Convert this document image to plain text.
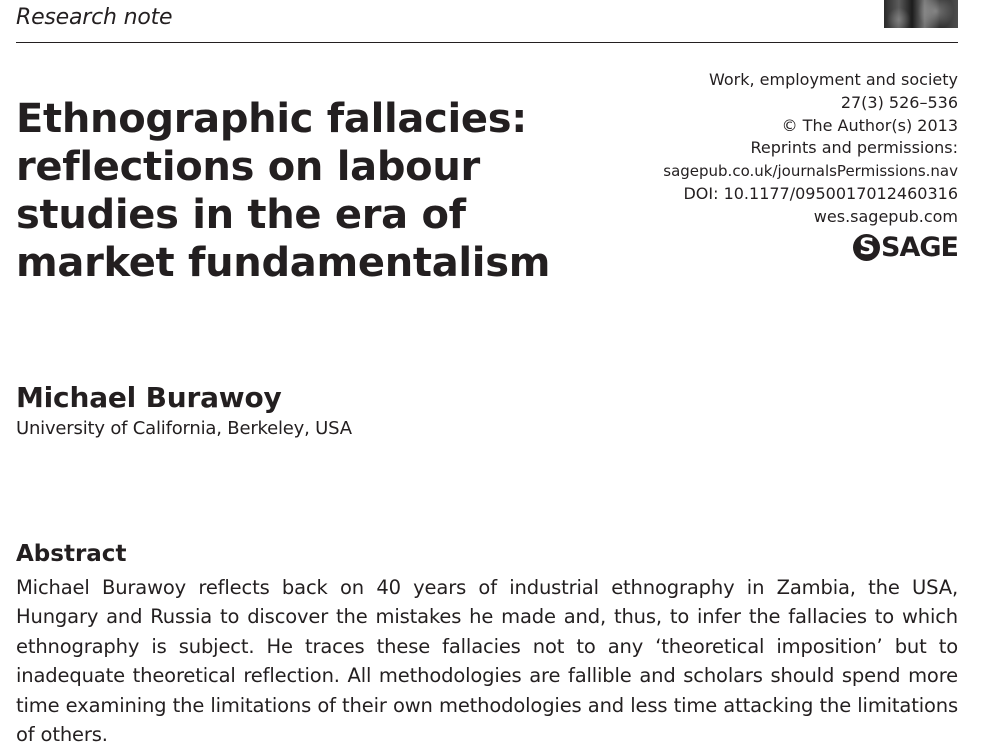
Research note
Ethnographic fallacies: reflections on labour studies in the era of market fundamentalism
Work, employment and society
27(3) 526–536
© The Author(s) 2013
Reprints and permissions:
sagepub.co.uk/journalsPermissions.nav
DOI: 10.1177/0950017012460316
wes.sagepub.com
S SAGE
Michael Burawoy
University of California, Berkeley, USA
Abstract

Michael Burawoy reflects back on 40 years of industrial ethnography in Zambia, the USA, Hungary and Russia to discover the mistakes he made and, thus, to infer the fallacies to which ethnography is subject. He traces these fallacies not to any ‘theoretical imposition’ but to inadequate theoretical reflection. All methodologies are fallible and scholars should spend more time examining the limitations of their own methodologies and less time attacking the limitations of others.
